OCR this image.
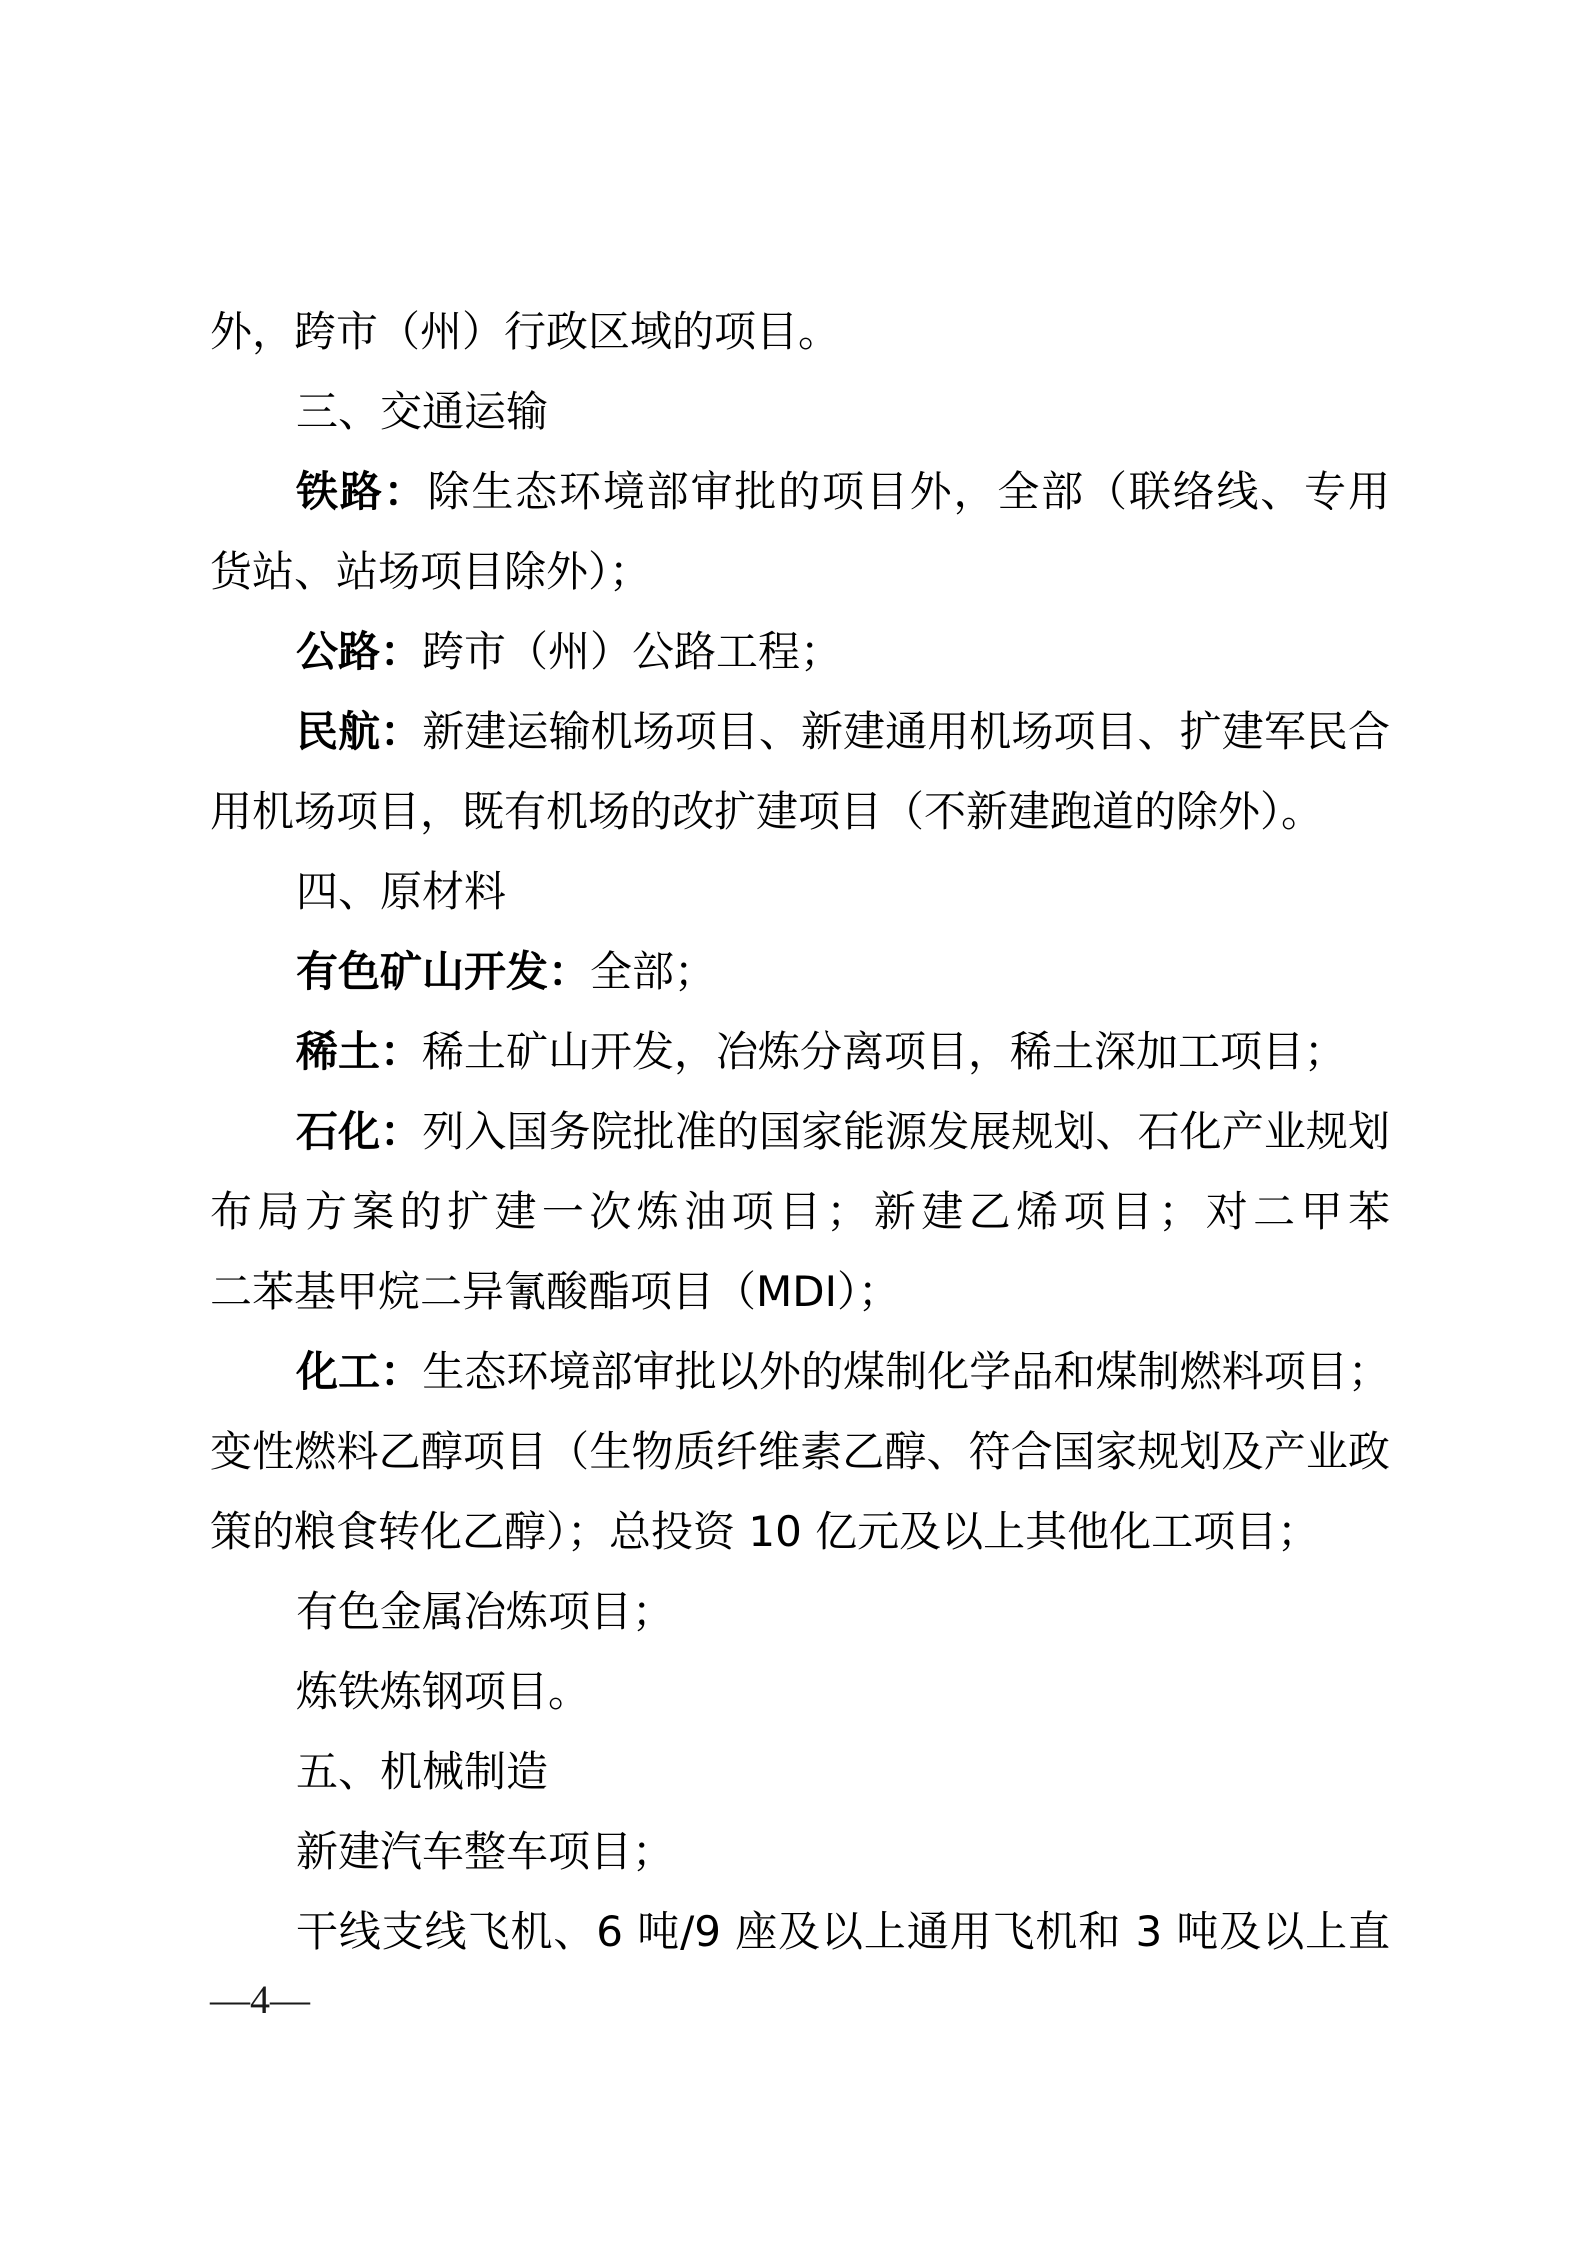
外，跨市（州）行政区域的项目。
三、交通运输
铁路：除生态环境部审批的项目外，全部（联络线、专用
货站、站场项目除外）；
公路：跨市（州）公路工程；
民航：新建运输机场项目、新建通用机场项目、扩建军民合
用机场项目，既有机场的改扩建项目（不新建跑道的除外）。
四、原材料
有色矿山开发：全部；
稀土：稀土矿山开发，冶炼分离项目，稀土深加工项目；
石化：列入国务院批准的国家能源发展规划、石化产业规划
布局方案的扩建一次炼油项目；新建乙烯项目；对二甲苯
二苯基甲烷二异氰酸酯项目（MDI）；
化工：生态环境部审批以外的煤制化学品和煤制燃料项目；
变性燃料乙醇项目（生物质纤维素乙醇、符合国家规划及产业政
策的粮食转化乙醇）；总投资 10 亿元及以上其他化工项目；
有色金属冶炼项目；
炼铁炼钢项目。
五、机械制造
新建汽车整车项目；
干线支线飞机、6 吨/9 座及以上通用飞机和 3 吨及以上直
—4—
